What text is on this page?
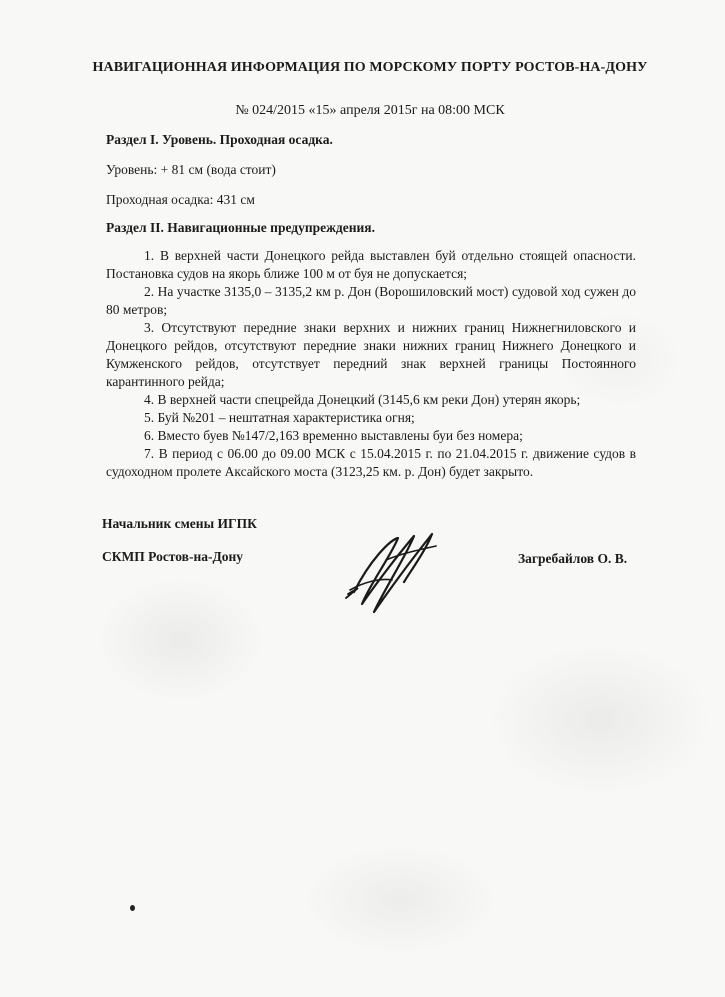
НАВИГАЦИОННАЯ ИНФОРМАЦИЯ ПО МОРСКОМУ ПОРТУ РОСТОВ-НА-ДОНУ
№ 024/2015 «15» апреля 2015г на 08:00 МСК
Раздел I. Уровень. Проходная осадка.
Уровень: + 81 см (вода стоит)
Проходная осадка: 431 см
Раздел II. Навигационные предупреждения.

1. В верхней части Донецкого рейда выставлен буй отдельно стоящей опасности. Постановка судов на якорь ближе 100 м от буя не допускается;

2. На участке 3135,0 – 3135,2 км р. Дон (Ворошиловский мост) судовой ход сужен до 80 метров;

3. Отсутствуют передние знаки верхних и нижних границ Нижнегниловского и Донецкого рейдов, отсутствуют передние знаки нижних границ Нижнего Донецкого и Кумженского рейдов, отсутствует передний знак верхней границы Постоянного карантинного рейда;

4. В верхней части спецрейда Донецкий (3145,6 км реки Дон) утерян якорь;

5. Буй №201 – нештатная характеристика огня;

6. Вместо буев №147/2,163 временно выставлены буи без номера;

7. В период с 06.00 до 09.00 МСК с 15.04.2015 г. по 21.04.2015 г. движение судов в судоходном пролете Аксайского моста (3123,25 км. р. Дон) будет закрыто.

Начальник смены ИГПК
СКМП Ростов-на-Дону	Загребайлов О. В.
